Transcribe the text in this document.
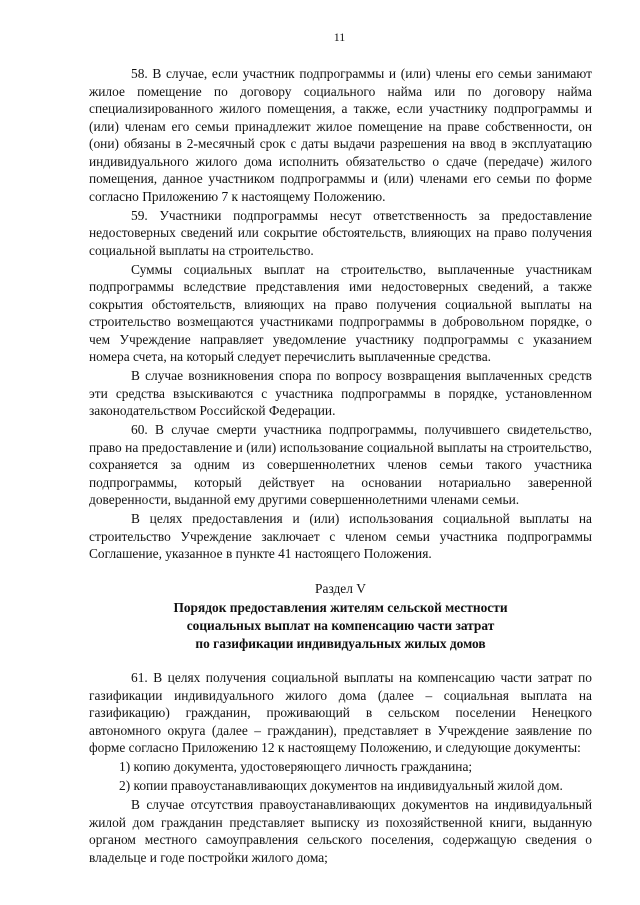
11

58. В случае, если участник подпрограммы и (или) члены его семьи занимают жилое помещение по договору социального найма или по договору найма специализированного жилого помещения, а также, если участнику подпрограммы и (или) членам его семьи принадлежит жилое помещение на праве собственности, он (они) обязаны в 2-месячный срок с даты выдачи разрешения на ввод в эксплуатацию индивидуального жилого дома исполнить обязательство о сдаче (передаче) жилого помещения, данное участником подпрограммы и (или) членами его семьи по форме согласно Приложению 7 к настоящему Положению.

59. Участники подпрограммы несут ответственность за предоставление недостоверных сведений или сокрытие обстоятельств, влияющих на право получения социальной выплаты на строительство.

Суммы социальных выплат на строительство, выплаченные участникам подпрограммы вследствие представления ими недостоверных сведений, а также сокрытия обстоятельств, влияющих на право получения социальной выплаты на строительство возмещаются участниками подпрограммы в добровольном порядке, о чем Учреждение направляет уведомление участнику подпрограммы с указанием номера счета, на который следует перечислить выплаченные средства.

В случае возникновения спора по вопросу возвращения выплаченных средств эти средства взыскиваются с участника подпрограммы в порядке, установленном законодательством Российской Федерации.

60. В случае смерти участника подпрограммы, получившего свидетельство, право на предоставление и (или) использование социальной выплаты на строительство, сохраняется за одним из совершеннолетних членов семьи такого участника подпрограммы, который действует на основании нотариально заверенной доверенности, выданной ему другими совершеннолетними членами семьи.

В целях предоставления и (или) использования социальной выплаты на строительство Учреждение заключает с членом семьи участника подпрограммы Соглашение, указанное в пункте 41 настоящего Положения.

Раздел V
Порядок предоставления жителям сельской местности
социальных выплат на компенсацию части затрат
по газификации индивидуальных жилых домов

61. В целях получения социальной выплаты на компенсацию части затрат по газификации индивидуального жилого дома (далее – социальная выплата на газификацию) гражданин, проживающий в сельском поселении Ненецкого автономного округа (далее – гражданин), представляет в Учреждение заявление по форме согласно Приложению 12 к настоящему Положению, и следующие документы:

1) копию документа, удостоверяющего личность гражданина;

2) копии правоустанавливающих документов на индивидуальный жилой дом.

В случае отсутствия правоустанавливающих документов на индивидуальный жилой дом гражданин представляет выписку из похозяйственной книги, выданную органом местного самоуправления сельского поселения, содержащую сведения о владельце и годе постройки жилого дома;
